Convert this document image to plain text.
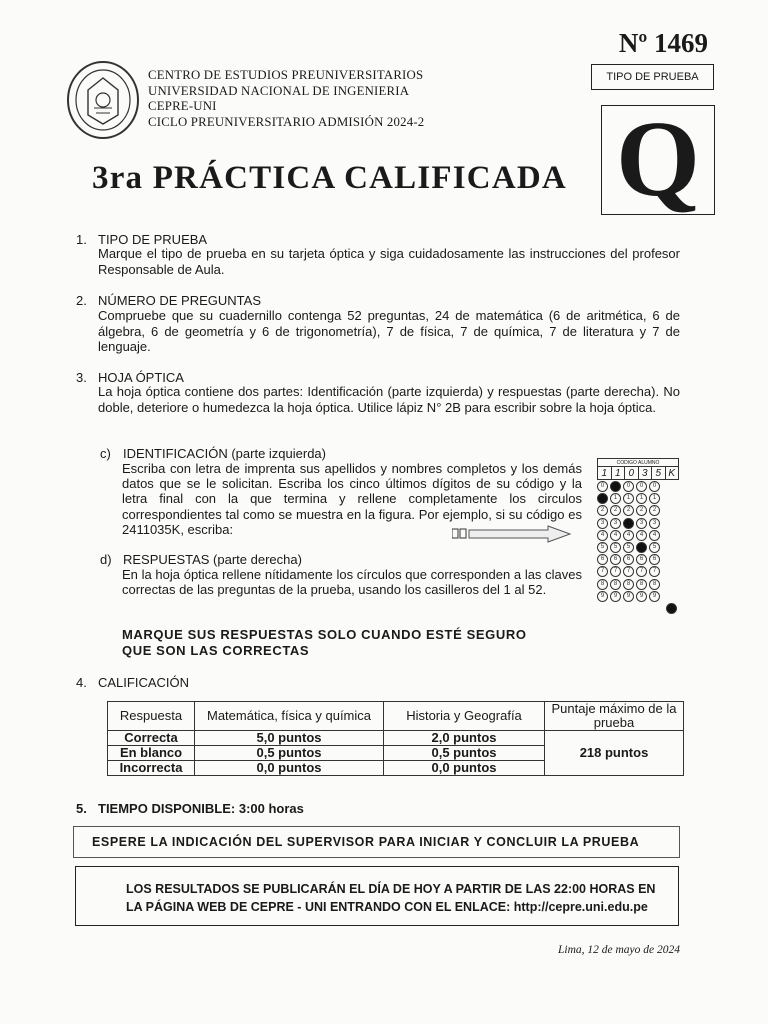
CENTRO DE ESTUDIOS PREUNIVERSITARIOS
UNIVERSIDAD NACIONAL DE INGENIERIA
CEPRE-UNI
CICLO PREUNIVERSITARIO ADMISIÓN 2024-2
Nº 1469
TIPO DE PRUEBA
Q
3ra PRÁCTICA CALIFICADA
1. TIPO DE PRUEBA
Marque el tipo de prueba en su tarjeta óptica y siga cuidadosamente las instrucciones del profesor Responsable de Aula.
2. NÚMERO DE PREGUNTAS
Compruebe que su cuadernillo contenga 52 preguntas, 24 de matemática (6 de aritmética, 6 de álgebra, 6 de geometría y 6 de trigonometría), 7 de física, 7 de química, 7 de literatura y 7 de lenguaje.
3. HOJA ÓPTICA
La hoja óptica contiene dos partes: Identificación (parte izquierda) y respuestas (parte derecha). No doble, deteriore o humedezca la hoja óptica. Utilice lápiz N° 2B para escribir sobre la hoja óptica.
c) IDENTIFICACIÓN (parte izquierda)
Escriba con letra de imprenta sus apellidos y nombres completos y los demás datos que se le solicitan. Escriba los cinco últimos dígitos de su código y la letra final con la que termina y rellene completamente los circulos correspondientes tal como se muestra en la figura. Por ejemplo, si su código es 2411035K, escriba:
CODIGO ALUMNO
1 1 0 3 5 K
0	0	0	0
1	1	1	1
2	2	2	2	2
3	3	3	3
4	4	4	4	4
5	5	5	5
6	6	6	6	6
7	7	7	7	7
8	8	8	8	8
9	9	9	9	9
d) RESPUESTAS (parte derecha)
En la hoja óptica rellene nítidamente los círculos que corresponden a las claves correctas de las preguntas de la prueba, usando los casilleros del 1 al 52.
MARQUE SUS RESPUESTAS SOLO CUANDO ESTÉ SEGURO
QUE SON LAS CORRECTAS
4. CALIFICACIÓN
Respuesta	Matemática, física y química	Historia y Geografía	Puntaje máximo de la prueba
Correcta	5,0 puntos	2,0 puntos	218 puntos
En blanco	0,5 puntos	0,5 puntos	
Incorrecta	0,0 puntos	0,0 puntos	
5. TIEMPO DISPONIBLE: 3:00 horas
ESPERE LA INDICACIÓN DEL SUPERVISOR PARA INICIAR Y CONCLUIR LA PRUEBA
LOS RESULTADOS SE PUBLICARÁN EL DÍA DE HOY A PARTIR DE LAS 22:00 HORAS EN
LA PÁGINA WEB DE CEPRE - UNI ENTRANDO CON EL ENLACE: http://cepre.uni.edu.pe
Lima, 12 de mayo de 2024
